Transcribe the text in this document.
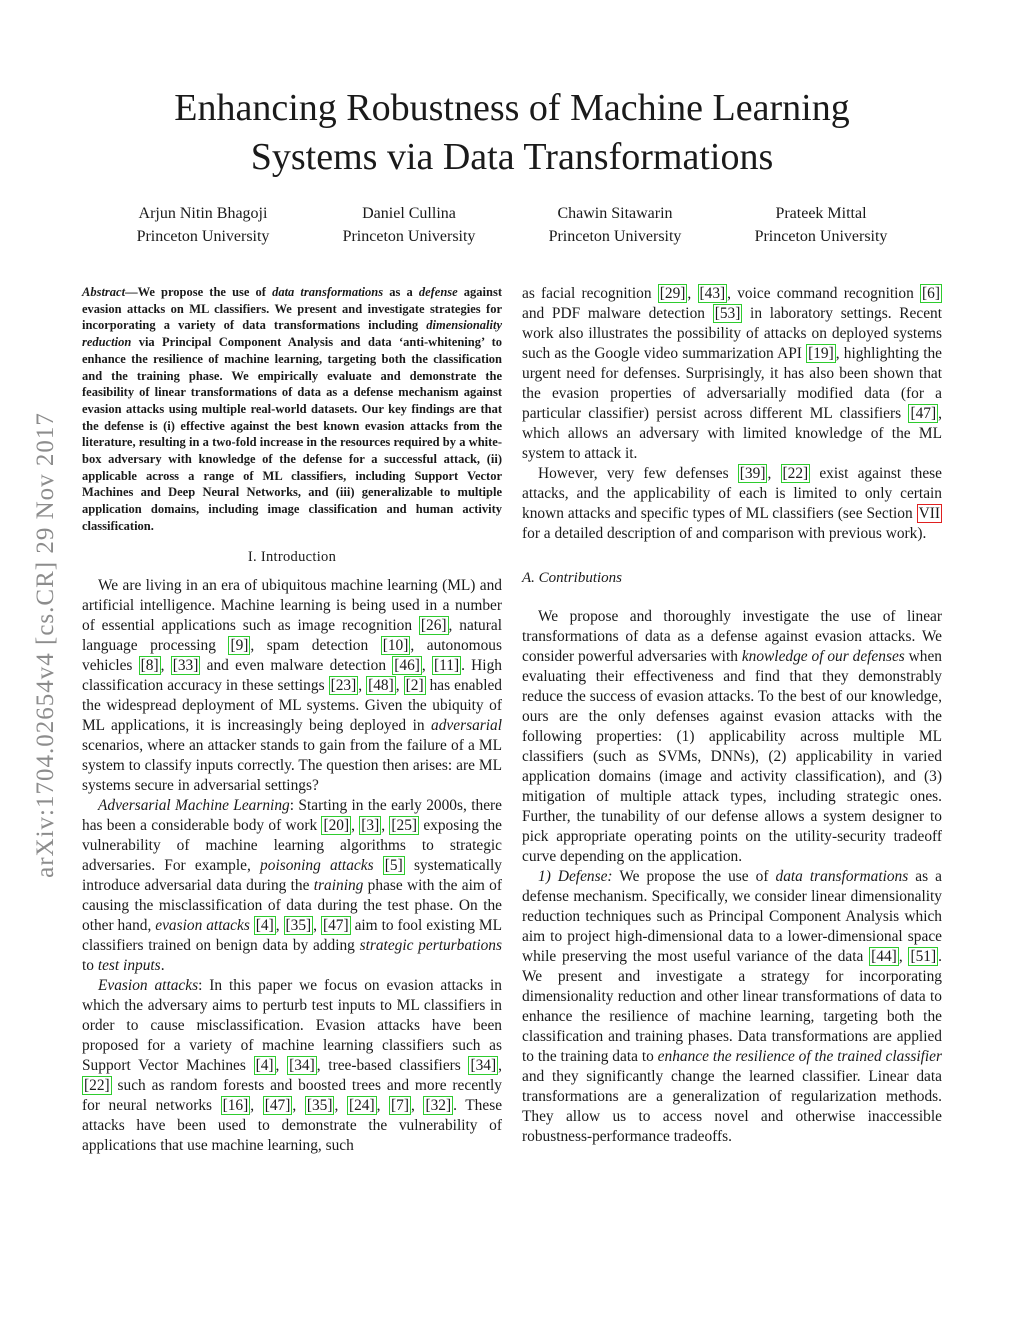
arXiv:1704.02654v4 [cs.CR] 29 Nov 2017
Enhancing Robustness of Machine Learning
Systems via Data Transformations
Arjun Nitin Bhagoji
Princeton University
Daniel Cullina
Princeton University
Chawin Sitawarin
Princeton University
Prateek Mittal
Princeton University

Abstract—We propose the use of data transformations as a defense against evasion attacks on ML classifiers. We present and investigate strategies for incorporating a variety of data transformations including dimensionality reduction via Principal Component Analysis and data ‘anti-whitening’ to enhance the resilience of machine learning, targeting both the classification and the training phase. We empirically evaluate and demonstrate the feasibility of linear transformations of data as a defense mechanism against evasion attacks using multiple real-world datasets. Our key findings are that the defense is (i) effective against the best known evasion attacks from the literature, resulting in a two-fold increase in the resources required by a white-box adversary with knowledge of the defense for a successful attack, (ii) applicable across a range of ML classifiers, including Support Vector Machines and Deep Neural Networks, and (iii) generalizable to multiple application domains, including image classification and human activity classification.

I. Introduction

We are living in an era of ubiquitous machine learning (ML) and artificial intelligence. Machine learning is being used in a number of essential applications such as image recognition [26] , natural language processing [9] , spam detection [10] , autonomous vehicles [8] , [33] and even malware detection [46] , [11] . High classification accuracy in these settings [23] , [48] , [2] has enabled the widespread deployment of ML systems. Given the ubiquity of ML applications, it is increasingly being deployed in adversarial scenarios, where an attacker stands to gain from the failure of a ML system to classify inputs correctly. The question then arises: are ML systems secure in adversarial settings?

Adversarial Machine Learning: Starting in the early 2000s, there has been a considerable body of work [20] , [3] , [25] exposing the vulnerability of machine learning algorithms to strategic adversaries. For example, poisoning attacks [5] systematically introduce adversarial data during the training phase with the aim of causing the misclassification of data during the test phase. On the other hand, evasion attacks [4] , [35] , [47] aim to fool existing ML classifiers trained on benign data by adding strategic perturbations to test inputs.

Evasion attacks: In this paper we focus on evasion attacks in which the adversary aims to perturb test inputs to ML classifiers in order to cause misclassification. Evasion attacks have been proposed for a variety of machine learning classifiers such as Support Vector Machines [4] , [34] , tree-based classifiers [34] , [22] such as random forests and boosted trees and more recently for neural networks [16] , [47] , [35] , [24] , [7] , [32] . These attacks have been used to demonstrate the vulnerability of applications that use machine learning, such

as facial recognition [29] , [43] , voice command recognition [6] and PDF malware detection [53] in laboratory settings. Recent work also illustrates the possibility of attacks on deployed systems such as the Google video summarization API [19] , highlighting the urgent need for defenses. Surprisingly, it has also been shown that the evasion properties of adversarially modified data (for a particular classifier) persist across different ML classifiers [47] , which allows an adversary with limited knowledge of the ML system to attack it.

However, very few defenses [39] , [22] exist against these attacks, and the applicability of each is limited to only certain known attacks and specific types of ML classifiers (see Section VII for a detailed description of and comparison with previous work).

A. Contributions

We propose and thoroughly investigate the use of linear transformations of data as a defense against evasion attacks. We consider powerful adversaries with knowledge of our defenses when evaluating their effectiveness and find that they demonstrably reduce the success of evasion attacks. To the best of our knowledge, ours are the only defenses against evasion attacks with the following properties: (1) applicability across multiple ML classifiers (such as SVMs, DNNs), (2) applicability in varied application domains (image and activity classification), and (3) mitigation of multiple attack types, including strategic ones. Further, the tunability of our defense allows a system designer to pick appropriate operating points on the utility-security tradeoff curve depending on the application.

1) Defense: We propose the use of data transformations as a defense mechanism. Specifically, we consider linear dimensionality reduction techniques such as Principal Component Analysis which aim to project high-dimensional data to a lower-dimensional space while preserving the most useful variance of the data [44] , [51] . We present and investigate a strategy for incorporating dimensionality reduction and other linear transformations of data to enhance the resilience of machine learning, targeting both the classification and training phases. Data transformations are applied to the training data to enhance the resilience of the trained classifier and they significantly change the learned classifier. Linear data transformations are a generalization of regularization methods. They allow us to access novel and otherwise inaccessible robustness-performance tradeoffs.
